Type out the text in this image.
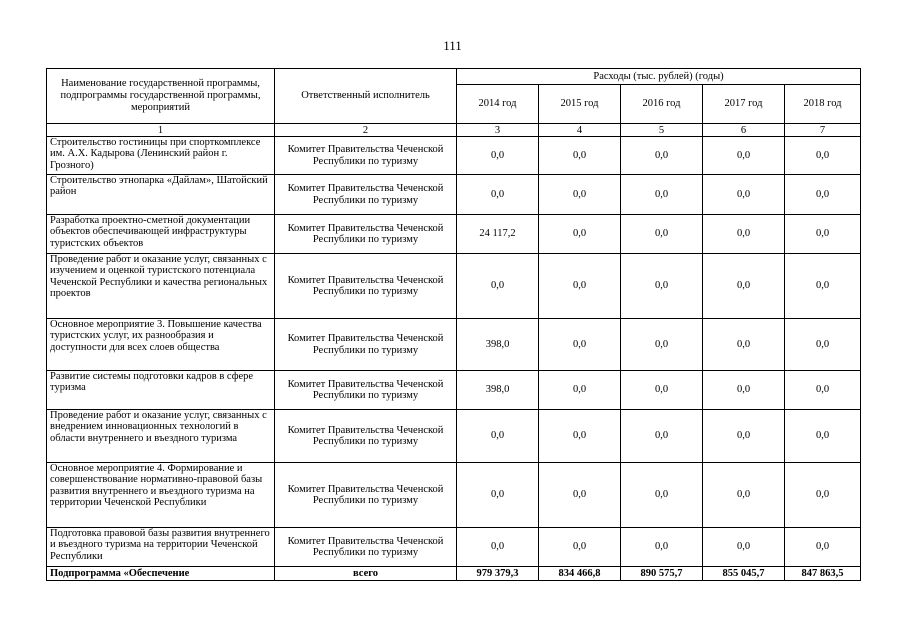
111
Наименование государственной программы, подпрограммы государственной программы, мероприятий	Ответственный исполнитель	Расходы (тыс. рублей) (годы)				
		2014 год	2015 год	2016 год	2017 год	2018 год
1	2	3	4	5	6	7
Строительство гостиницы при спорткомплексе им. А.Х. Кадырова (Ленинский район г. Грозного)	Комитет Правительства Чеченской Республики по туризму	0,0	0,0	0,0	0,0	0,0
Строительство этнопарка «Дайлам», Шатойский район	Комитет Правительства Чеченской Республики по туризму	0,0	0,0	0,0	0,0	0,0
Разработка проектно-сметной документации объектов обеспечивающей инфраструктуры туристских объектов	Комитет Правительства Чеченской Республики по туризму	24 117,2	0,0	0,0	0,0	0,0
Проведение работ и оказание услуг, связанных с изучением и оценкой туристского потенциала Чеченской Республики и качества региональных проектов	Комитет Правительства Чеченской Республики по туризму	0,0	0,0	0,0	0,0	0,0
Основное мероприятие 3. Повышение качества туристских услуг, их разнообразия и доступности для всех слоев общества	Комитет Правительства Чеченской Республики по туризму	398,0	0,0	0,0	0,0	0,0
Развитие системы подготовки кадров в сфере туризма	Комитет Правительства Чеченской Республики по туризму	398,0	0,0	0,0	0,0	0,0
Проведение работ и оказание услуг, связанных с внедрением инновационных технологий в области внутреннего и въездного туризма	Комитет Правительства Чеченской Республики по туризму	0,0	0,0	0,0	0,0	0,0
Основное мероприятие 4. Формирование и совершенствование нормативно-правовой базы развития внутреннего и въездного туризма на территории Чеченской Республики	Комитет Правительства Чеченской Республики по туризму	0,0	0,0	0,0	0,0	0,0
Подготовка правовой базы развития внутреннего и въездного туризма на территории Чеченской Республики	Комитет Правительства Чеченской Республики по туризму	0,0	0,0	0,0	0,0	0,0
Подпрограмма «Обеспечение	всего	979 379,3	834 466,8	890 575,7	855 045,7	847 863,5
